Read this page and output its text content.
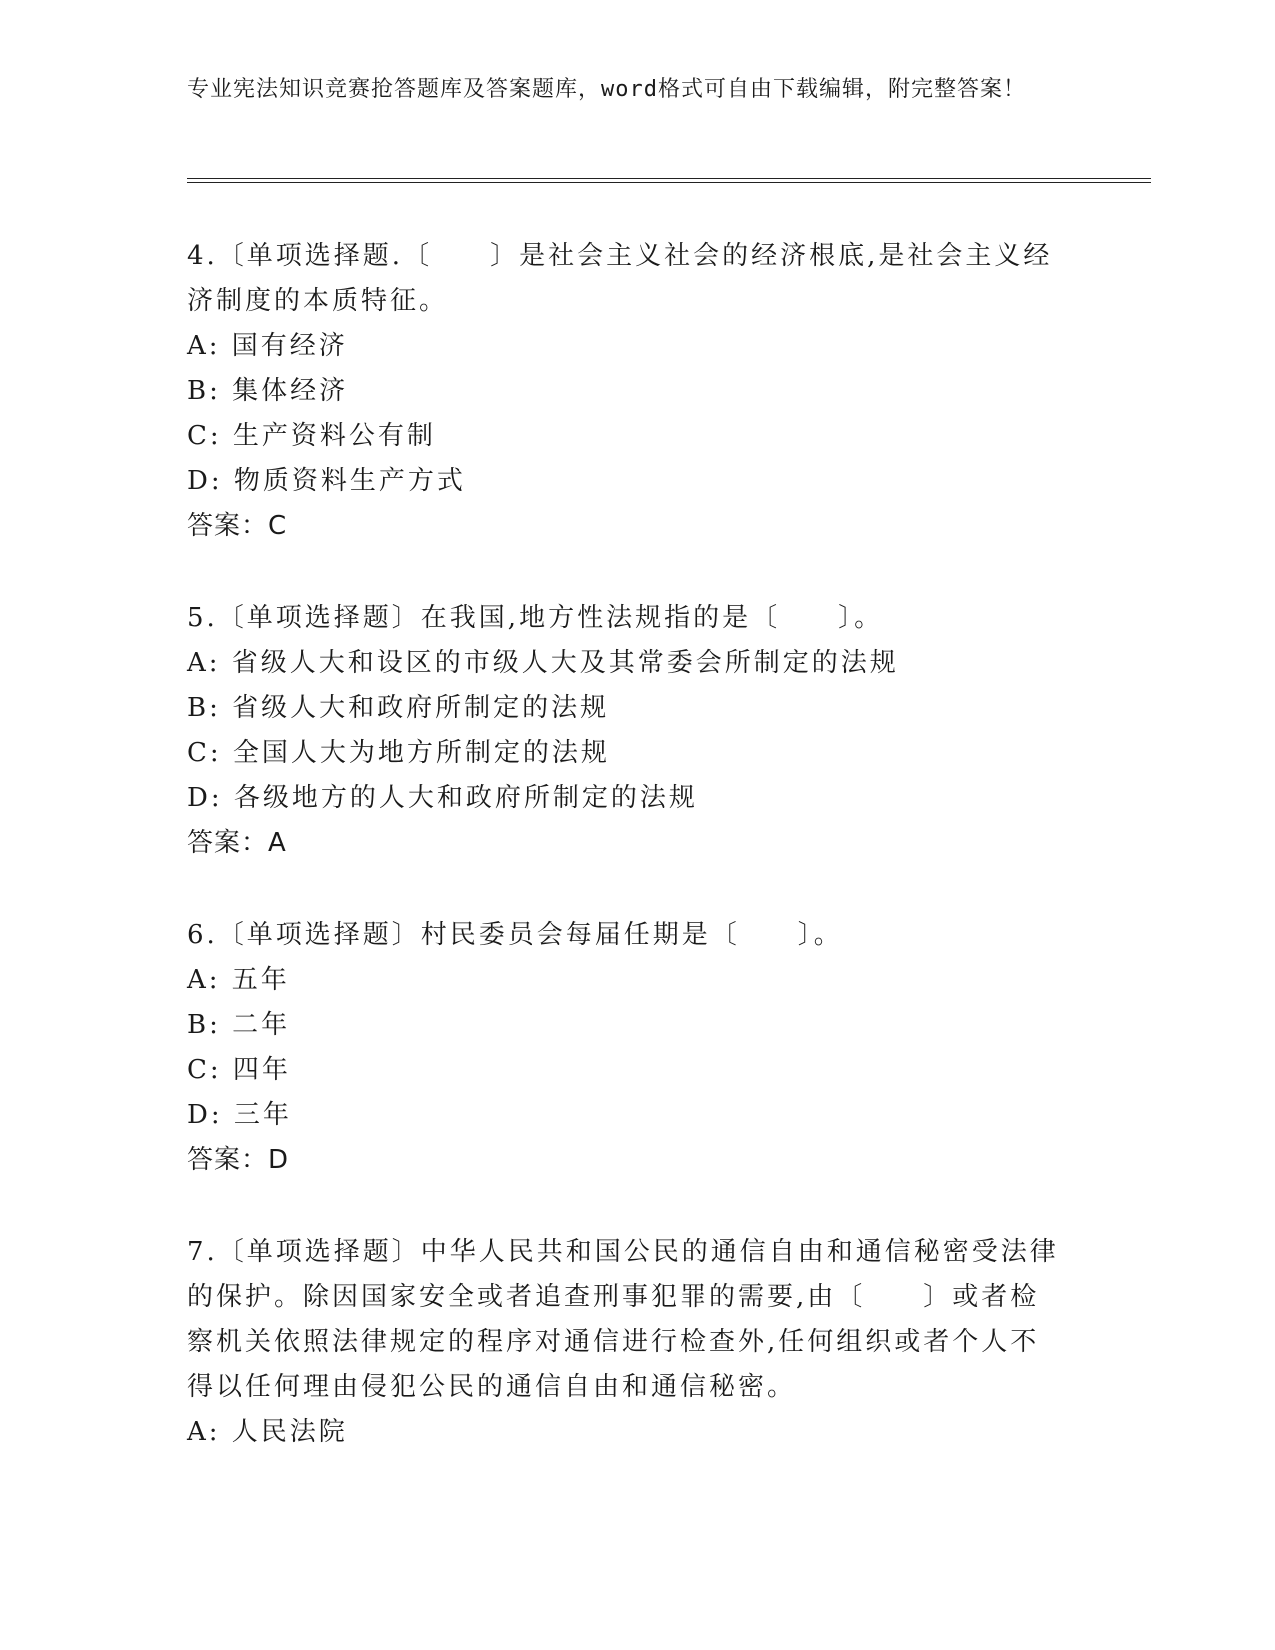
专业宪法知识竞赛抢答题库及答案题库，word格式可自由下载编辑，附完整答案！

4.〔单项选择题.〔　　〕是社会主义社会的经济根底,是社会主义经济制度的本质特征。

A: 国有经济

B: 集体经济

C: 生产资料公有制

D: 物质资料生产方式

答案：C

5.〔单项选择题〕在我国,地方性法规指的是〔　　〕。

A: 省级人大和设区的市级人大及其常委会所制定的法规

B: 省级人大和政府所制定的法规

C: 全国人大为地方所制定的法规

D: 各级地方的人大和政府所制定的法规

答案：A

6.〔单项选择题〕村民委员会每届任期是〔　　〕。

A: 五年

B: 二年

C: 四年

D: 三年

答案：D

7.〔单项选择题〕中华人民共和国公民的通信自由和通信秘密受法律的保护。除因国家安全或者追查刑事犯罪的需要,由〔　　〕或者检察机关依照法律规定的程序对通信进行检查外,任何组织或者个人不得以任何理由侵犯公民的通信自由和通信秘密。

A: 人民法院
